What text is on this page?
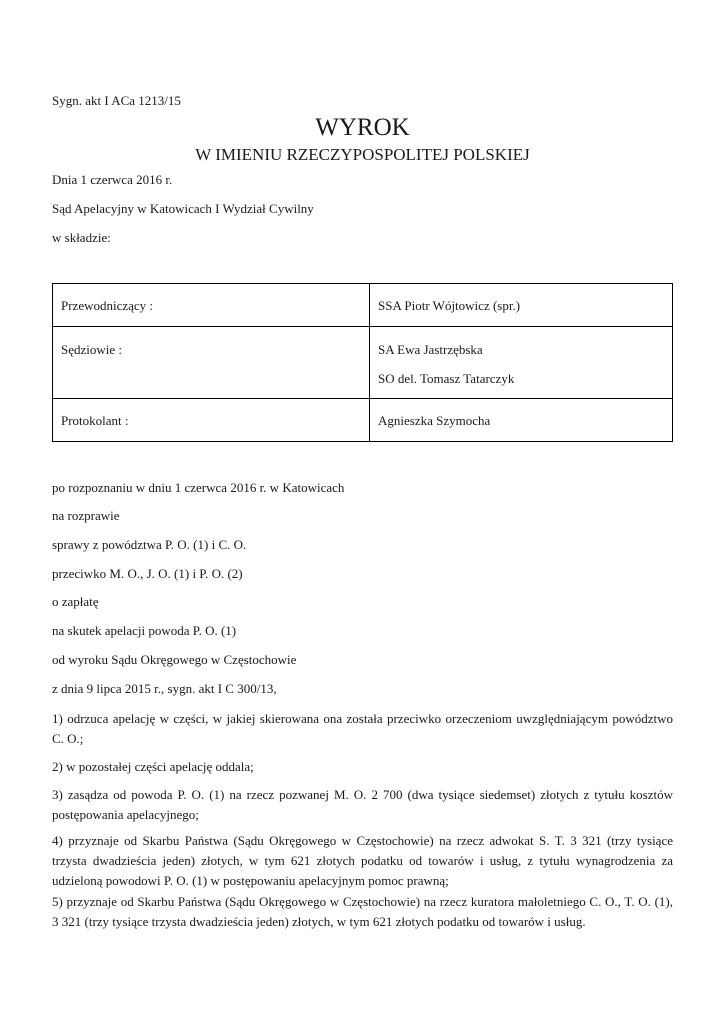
Sygn. akt I ACa 1213/15
WYROK
W IMIENIU RZECZYPOSPOLITEJ POLSKIEJ
Dnia 1 czerwca 2016 r.
Sąd Apelacyjny w Katowicach I Wydział Cywilny
w składzie:

Przewodniczący :	SSA Piotr Wójtowicz (spr.)

Sędziowie :	SA Ewa Jastrzębska

SO del. Tomasz Tatarczyk

Protokolant :	Agnieszka Szymocha

po rozpoznaniu w dniu 1 czerwca 2016 r. w Katowicach
na rozprawie
sprawy z powództwa P. O. (1) i C. O.
przeciwko M. O., J. O. (1) i P. O. (2)
o zapłatę
na skutek apelacji powoda P. O. (1)
od wyroku Sądu Okręgowego w Częstochowie
z dnia 9 lipca 2015 r., sygn. akt I C 300/13,
1) odrzuca apelację w części, w jakiej skierowana ona została przeciwko orzeczeniom uwzględniającym powództwo C. O.;
2) w pozostałej części apelację oddala;
3) zasądza od powoda P. O. (1) na rzecz pozwanej M. O. 2 700 (dwa tysiące siedemset) złotych z tytułu kosztów postępowania apelacyjnego;
4) przyznaje od Skarbu Państwa (Sądu Okręgowego w Częstochowie) na rzecz adwokat S. T. 3 321 (trzy tysiące trzysta dwadzieścia jeden) złotych, w tym 621 złotych podatku od towarów i usług, z tytułu wynagrodzenia za udzieloną powodowi P. O. (1) w postępowaniu apelacyjnym pomoc prawną;
5) przyznaje od Skarbu Państwa (Sądu Okręgowego w Częstochowie) na rzecz kuratora małoletniego C. O., T. O. (1), 3 321 (trzy tysiące trzysta dwadzieścia jeden) złotych, w tym 621 złotych podatku od towarów i usług.
